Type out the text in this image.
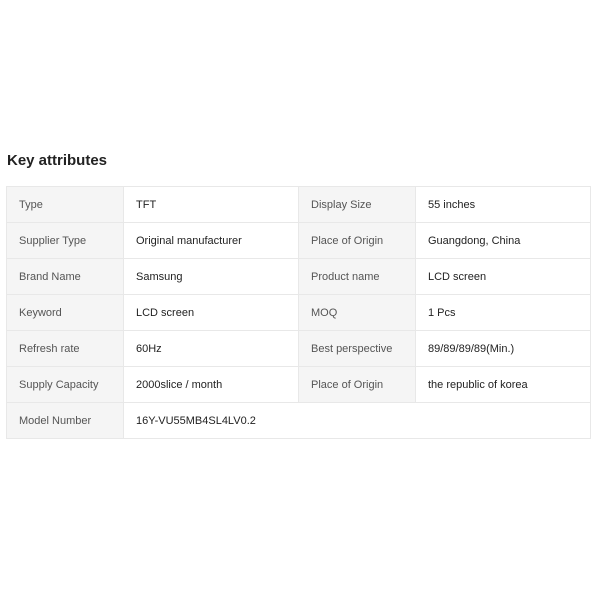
Key attributes
Type	TFT	Display Size	55 inches
Supplier Type	Original manufacturer	Place of Origin	Guangdong, China
Brand Name	Samsung	Product name	LCD screen
Keyword	LCD screen	MOQ	1 Pcs
Refresh rate	60Hz	Best perspective	89/89/89/89(Min.)
Supply Capacity	2000slice / month	Place of Origin	the republic of korea
Model Number	16Y-VU55MB4SL4LV0.2		
